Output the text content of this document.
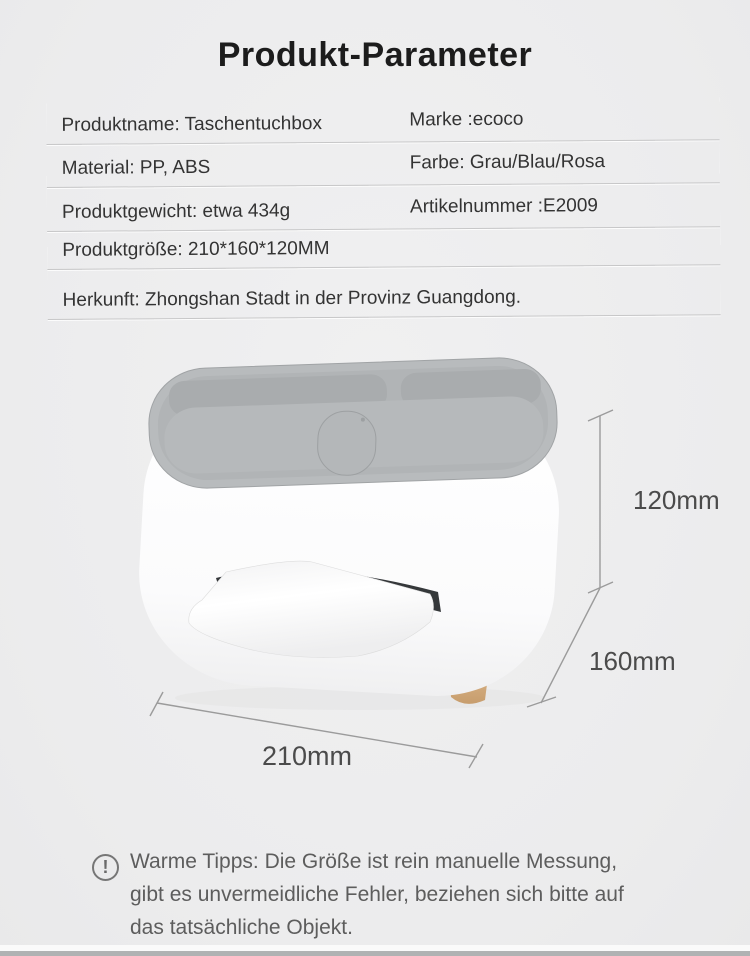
Produkt-Parameter
Produktname: Taschentuchbox	Marke :ecoco
Material: PP, ABS	Farbe: Grau/Blau/Rosa
Produktgewicht: etwa 434g	Artikelnummer :E2009
Produktgröße: 210*160*120MM
Herkunft: Zhongshan Stadt in der Provinz Guangdong.
120mm
160mm
210mm
!	Warme Tipps: Die Größe ist rein manuelle Messung,
gibt es unvermeidliche Fehler, beziehen sich bitte auf
das tatsächliche Objekt.
